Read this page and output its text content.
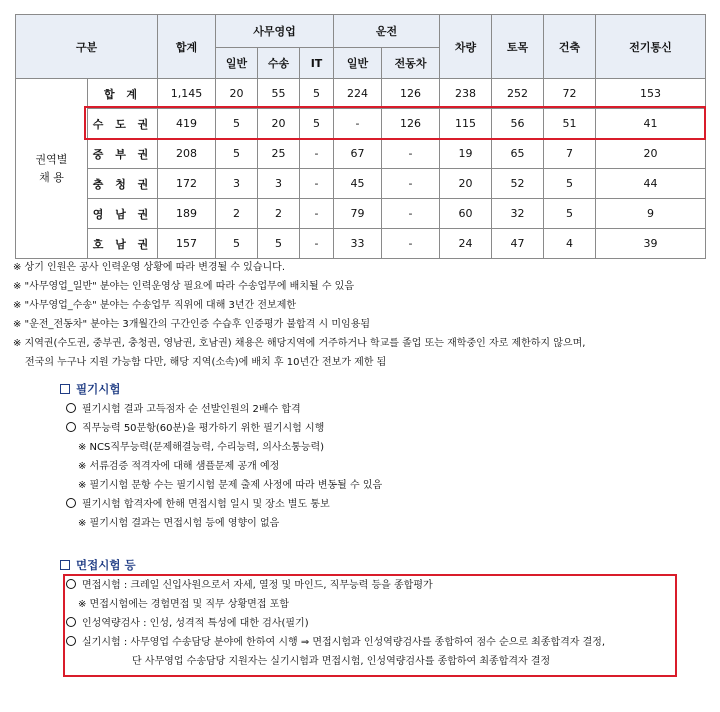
구분		합계	사무영업			운전		차량	토목	건축	전기통신
			일반	수송	IT	일반	전동차				

권역별
채 용	합 계	1,145	20	55	5	224	126	238	252	72	153
	수 도 권	419	5	20	5	-	126	115	56	51	41
	중 부 권	208	5	25	-	67	-	19	65	7	20
	충 청 권	172	3	3	-	45	-	20	52	5	44
	영 남 권	189	2	2	-	79	-	60	32	5	9
	호 남 권	157	5	5	-	33	-	24	47	4	39
※ 상기 인원은 공사 인력운영 상황에 따라 변경될 수 있습니다.
※ "사무영업_일반" 분야는 인력운영상 필요에 따라 수송업무에 배치될 수 있음
※ "사무영업_수송" 분야는 수송업무 직위에 대해 3년간 전보제한
※ "운전_전동차" 분야는 3개월간의 구간인증 수습후 인증평가 불합격 시 미임용됨
※ 지역권(수도권, 중부권, 충청권, 영남권, 호남권) 채용은 해당지역에 거주하거나 학교를 졸업 또는 재학중인 자로 제한하지 않으며,
전국의 누구나 지원 가능함 다만, 해당 지역(소속)에 배치 후 10년간 전보가 제한 됨
필기시험
필기시험 결과 고득점자 순 선발인원의 2배수 합격
직무능력 50문항(60분)을 평가하기 위한 필기시험 시행
※ NCS직무능력(문제해결능력, 수리능력, 의사소통능력)
※ 서류검증 적격자에 대해 샘플문제 공개 예정
※ 필기시험 문항 수는 필기시험 문제 출제 사정에 따라 변동될 수 있음
필기시험 합격자에 한해 면접시험 일시 및 장소 별도 통보
※ 필기시험 결과는 면접시험 등에 영향이 없음
면접시험 등
면접시험 : 크레일 신입사원으로서 자세, 열정 및 마인드, 직무능력 등을 종합평가
※ 면접시험에는 경험면접 및 직무 상황면접 포함
인성역량검사 : 인성, 성격적 특성에 대한 검사(필기)
실기시험 : 사무영업 수송담당 분야에 한하여 시행 ⇒ 면접시험과 인성역량검사를 종합하여 점수 순으로 최종합격자 결정,
단 사무영업 수송담당 지원자는 실기시험과 면접시험, 인성역량검사를 종합하여 최종합격자 결정
